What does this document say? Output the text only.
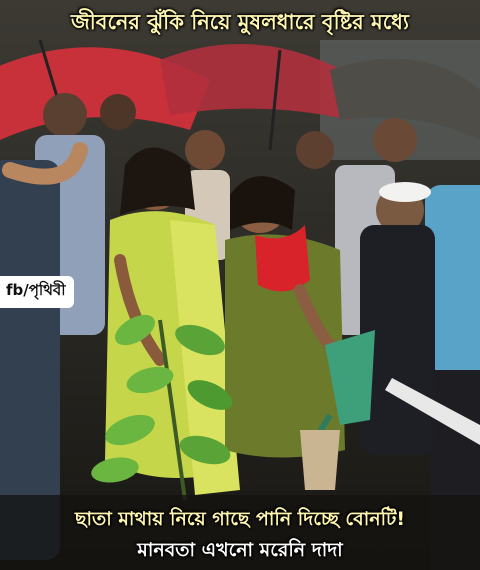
জীবনের ঝুঁকি নিয়ে মুষলধারে বৃষ্টির মধ্যে
fb/পৃথিবী
ছাতা মাথায় নিয়ে গাছে পানি দিচ্ছে বোনটি!
মানবতা এখনো মরেনি দাদা
